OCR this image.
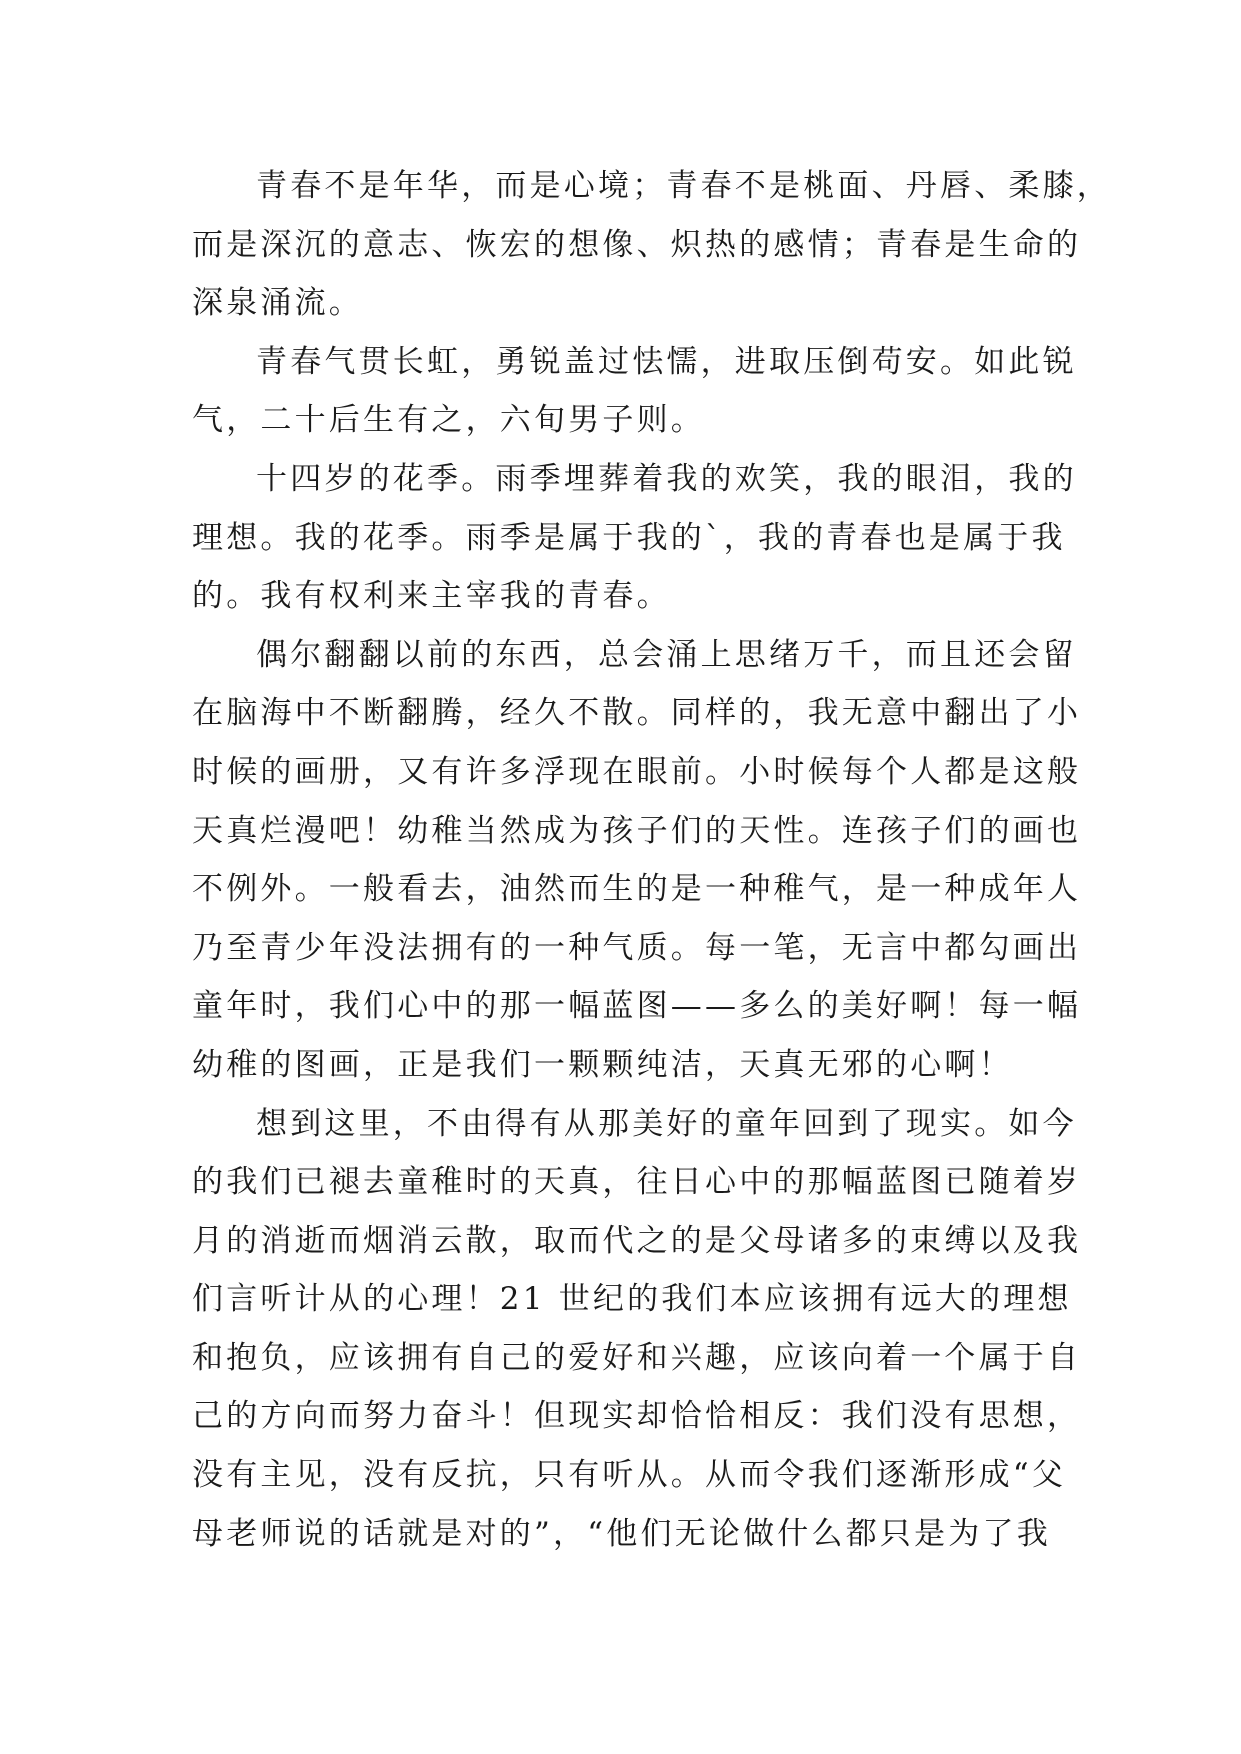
青春不是年华，而是心境；青春不是桃面、丹唇、柔膝，
而是深沉的意志、恢宏的想像、炽热的感情；青春是生命的
深泉涌流。
青春气贯长虹，勇锐盖过怯懦，进取压倒苟安。如此锐
气，二十后生有之，六旬男子则。
十四岁的花季。雨季埋葬着我的欢笑，我的眼泪，我的
理想。我的花季。雨季是属于我的`，我的青春也是属于我
的。我有权利来主宰我的青春。
偶尔翻翻以前的东西，总会涌上思绪万千，而且还会留
在脑海中不断翻腾，经久不散。同样的，我无意中翻出了小
时候的画册，又有许多浮现在眼前。小时候每个人都是这般
天真烂漫吧！幼稚当然成为孩子们的天性。连孩子们的画也
不例外。一般看去，油然而生的是一种稚气，是一种成年人
乃至青少年没法拥有的一种气质。每一笔，无言中都勾画出
童年时，我们心中的那一幅蓝图——多么的美好啊！每一幅
幼稚的图画，正是我们一颗颗纯洁，天真无邪的心啊！
想到这里，不由得有从那美好的童年回到了现实。如今
的我们已褪去童稚时的天真，往日心中的那幅蓝图已随着岁
月的消逝而烟消云散，取而代之的是父母诸多的束缚以及我
们言听计从的心理！21 世纪的我们本应该拥有远大的理想
和抱负，应该拥有自己的爱好和兴趣，应该向着一个属于自
己的方向而努力奋斗！但现实却恰恰相反：我们没有思想，
没有主见，没有反抗，只有听从。从而令我们逐渐形成“父
母老师说的话就是对的”，“他们无论做什么都只是为了我
